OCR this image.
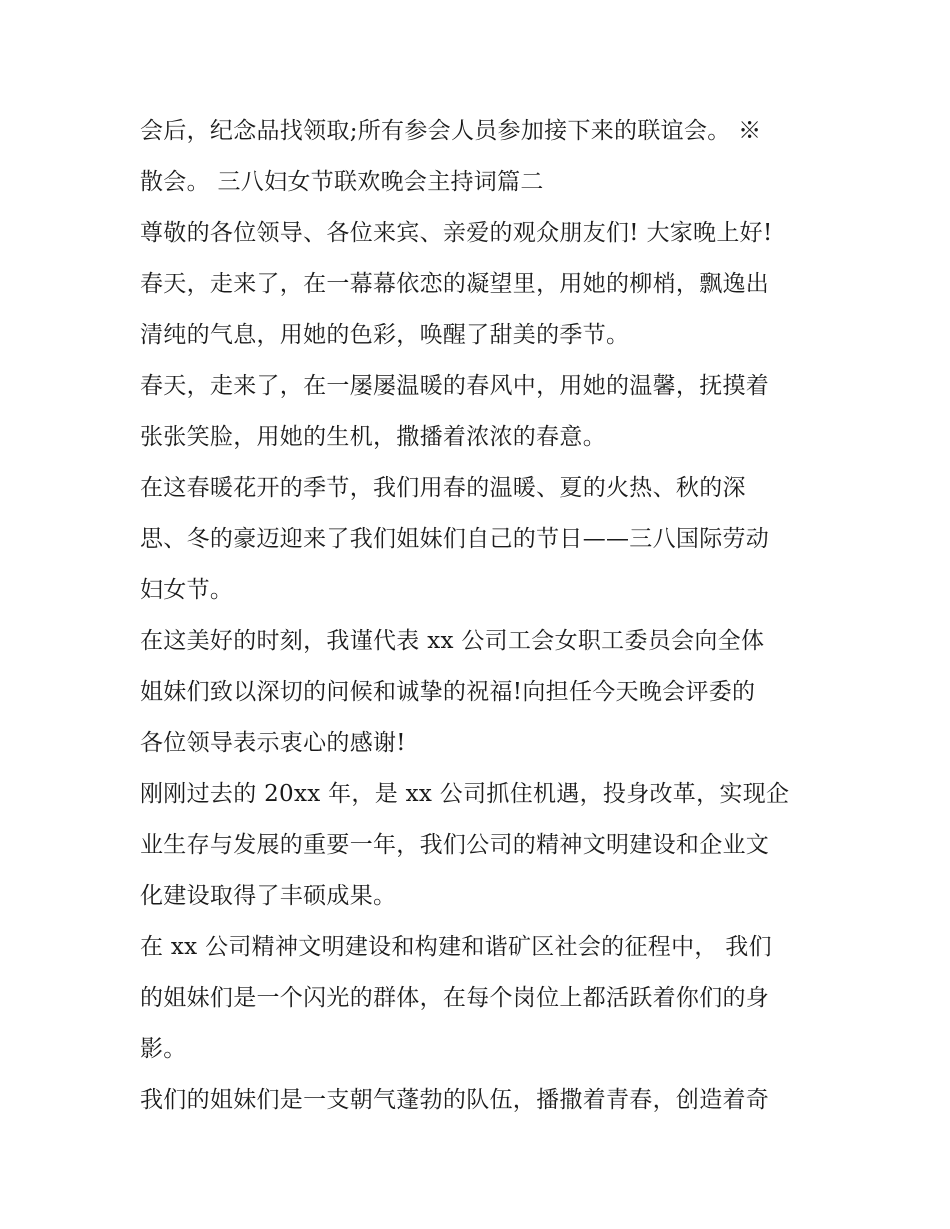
会后，纪念品找领取;所有参会人员参加接下来的联谊会。 ※

散会。 三八妇女节联欢晚会主持词篇二

尊敬的各位领导、各位来宾、亲爱的观众朋友们! 大家晚上好!

春天，走来了，在一幕幕依恋的凝望里，用她的柳梢，飘逸出

清纯的气息，用她的色彩，唤醒了甜美的季节。

春天，走来了，在一屡屡温暖的春风中，用她的温馨，抚摸着

张张笑脸，用她的生机，撒播着浓浓的春意。

在这春暖花开的季节，我们用春的温暖、夏的火热、秋的深

思、冬的豪迈迎来了我们姐妹们自己的节日——三八国际劳动

妇女节。

在这美好的时刻，我谨代表 xx 公司工会女职工委员会向全体

姐妹们致以深切的问候和诚挚的祝福!向担任今天晚会评委的

各位领导表示衷心的感谢!

刚刚过去的 20xx 年，是 xx 公司抓住机遇，投身改革，实现企

业生存与发展的重要一年，我们公司的精神文明建设和企业文

化建设取得了丰硕成果。

在 xx 公司精神文明建设和构建和谐矿区社会的征程中， 我们

的姐妹们是一个闪光的群体，在每个岗位上都活跃着你们的身

影。

我们的姐妹们是一支朝气蓬勃的队伍，播撒着青春，创造着奇
